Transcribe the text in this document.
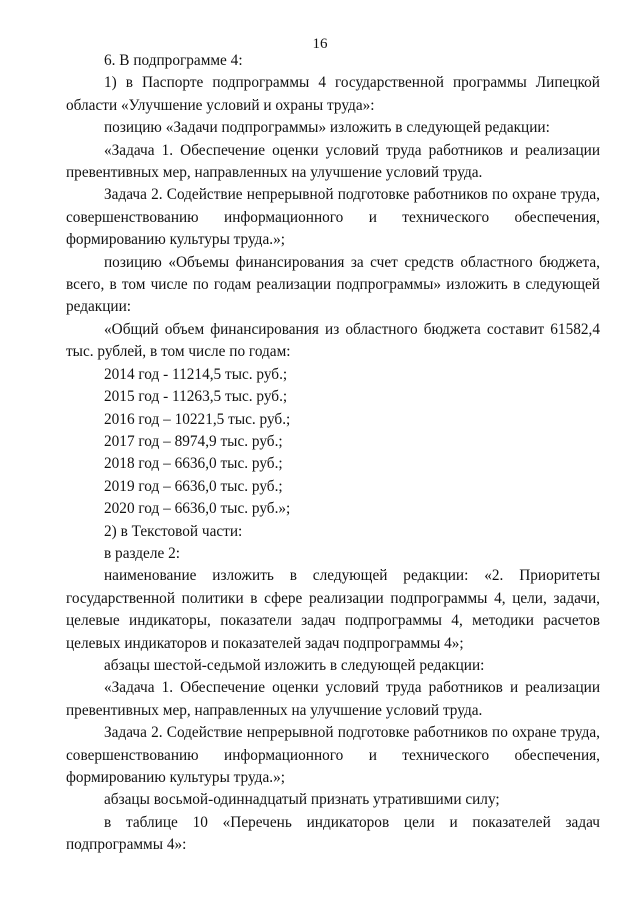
16

6. В подпрограмме 4:

1) в Паспорте подпрограммы 4 государственной программы Липецкой области «Улучшение условий и охраны труда»:

позицию «Задачи подпрограммы» изложить в следующей редакции:

«Задача 1. Обеспечение оценки условий труда работников и реализации превентивных мер, направленных на улучшение условий труда.

Задача 2. Содействие непрерывной подготовке работников по охране труда, совершенствованию информационного и технического обеспечения, формированию культуры труда.»;

позицию «Объемы финансирования за счет средств областного бюджета, всего, в том числе по годам реализации подпрограммы» изложить в следующей редакции:

«Общий объем финансирования из областного бюджета составит 61582,4 тыс. рублей, в том числе по годам:

2014 год - 11214,5 тыс. руб.;

2015 год - 11263,5 тыс. руб.;

2016 год – 10221,5 тыс. руб.;

2017 год – 8974,9 тыс. руб.;

2018 год – 6636,0 тыс. руб.;

2019 год – 6636,0 тыс. руб.;

2020 год – 6636,0 тыс. руб.»;

2) в Текстовой части:

в разделе 2:

наименование изложить в следующей редакции: «2. Приоритеты государственной политики в сфере реализации подпрограммы 4, цели, задачи, целевые индикаторы, показатели задач подпрограммы 4, методики расчетов целевых индикаторов и показателей задач подпрограммы 4»;

абзацы шестой-седьмой изложить в следующей редакции:

«Задача 1. Обеспечение оценки условий труда работников и реализации превентивных мер, направленных на улучшение условий труда.

Задача 2. Содействие непрерывной подготовке работников по охране труда, совершенствованию информационного и технического обеспечения, формированию культуры труда.»;

абзацы восьмой-одиннадцатый признать утратившими силу;

в таблице 10 «Перечень индикаторов цели и показателей задач подпрограммы 4»:
